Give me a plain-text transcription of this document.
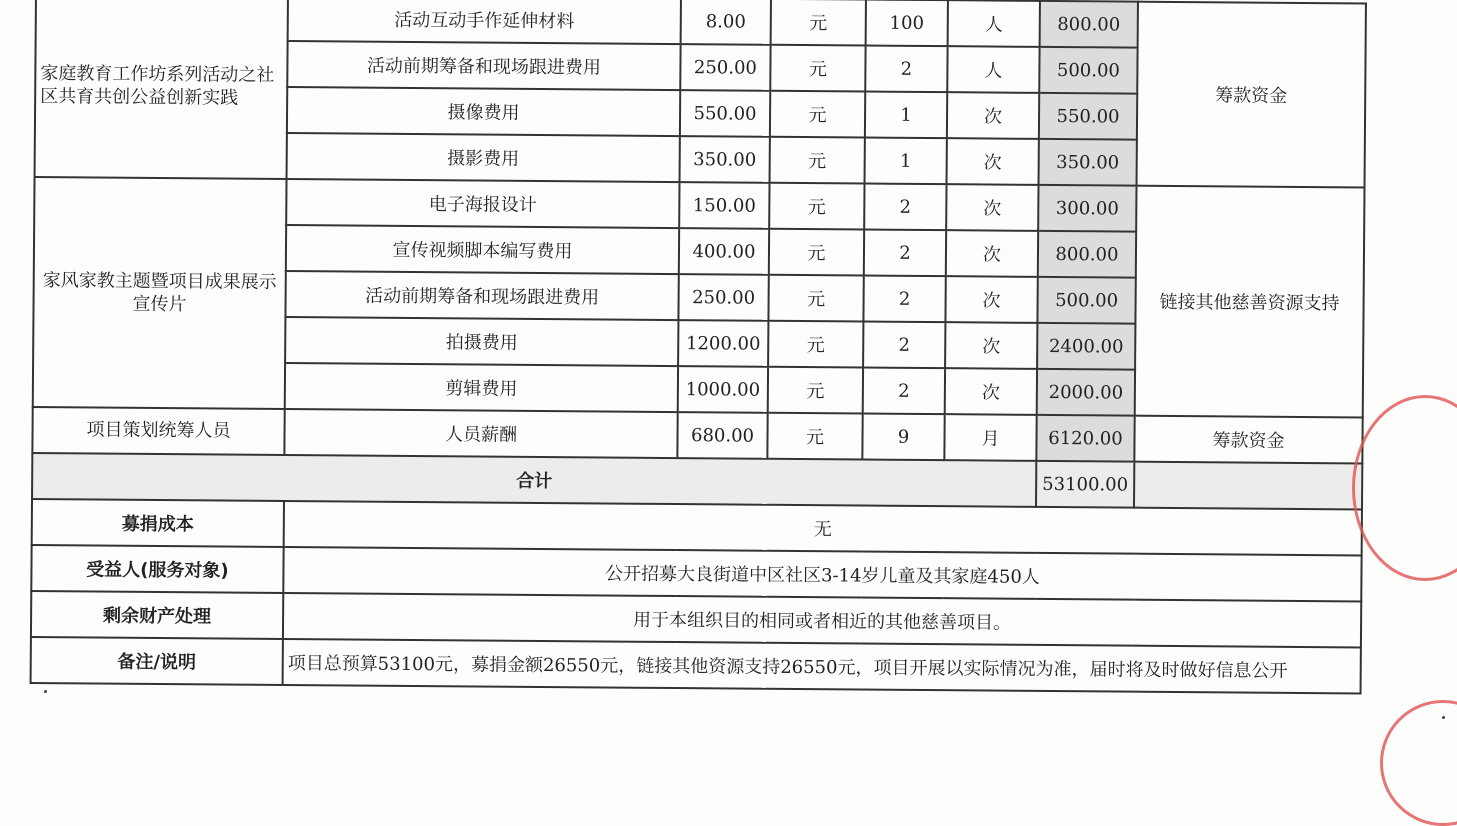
家庭教育工作坊系列活动之社区共育共创公益创新实践	活动互动手作延伸材料	8.00	元	100	人	800.00	筹款资金
	活动前期筹备和现场跟进费用	250.00	元	2	人	500.00	
	摄像费用	550.00	元	1	次	550.00	
	摄影费用	350.00	元	1	次	350.00	
家风家教主题暨项目成果展示宣传片	电子海报设计	150.00	元	2	次	300.00	链接其他慈善资源支持
	宣传视频脚本编写费用	400.00	元	2	次	800.00	
	活动前期筹备和现场跟进费用	250.00	元	2	次	500.00	
	拍摄费用	1200.00	元	2	次	2400.00	
	剪辑费用	1000.00	元	2	次	2000.00	
项目策划统筹人员	人员薪酬	680.00	元	9	月	6120.00	筹款资金
合计						53100.00	
募捐成本	无						
受益人(服务对象)	公开招募大良街道中区社区3-14岁儿童及其家庭450人						
剩余财产处理	用于本组织目的相同或者相近的其他慈善项目。						
备注/说明	项目总预算53100元，募捐金额26550元，链接其他资源支持26550元，项目开展以实际情况为准，届时将及时做好信息公开						
